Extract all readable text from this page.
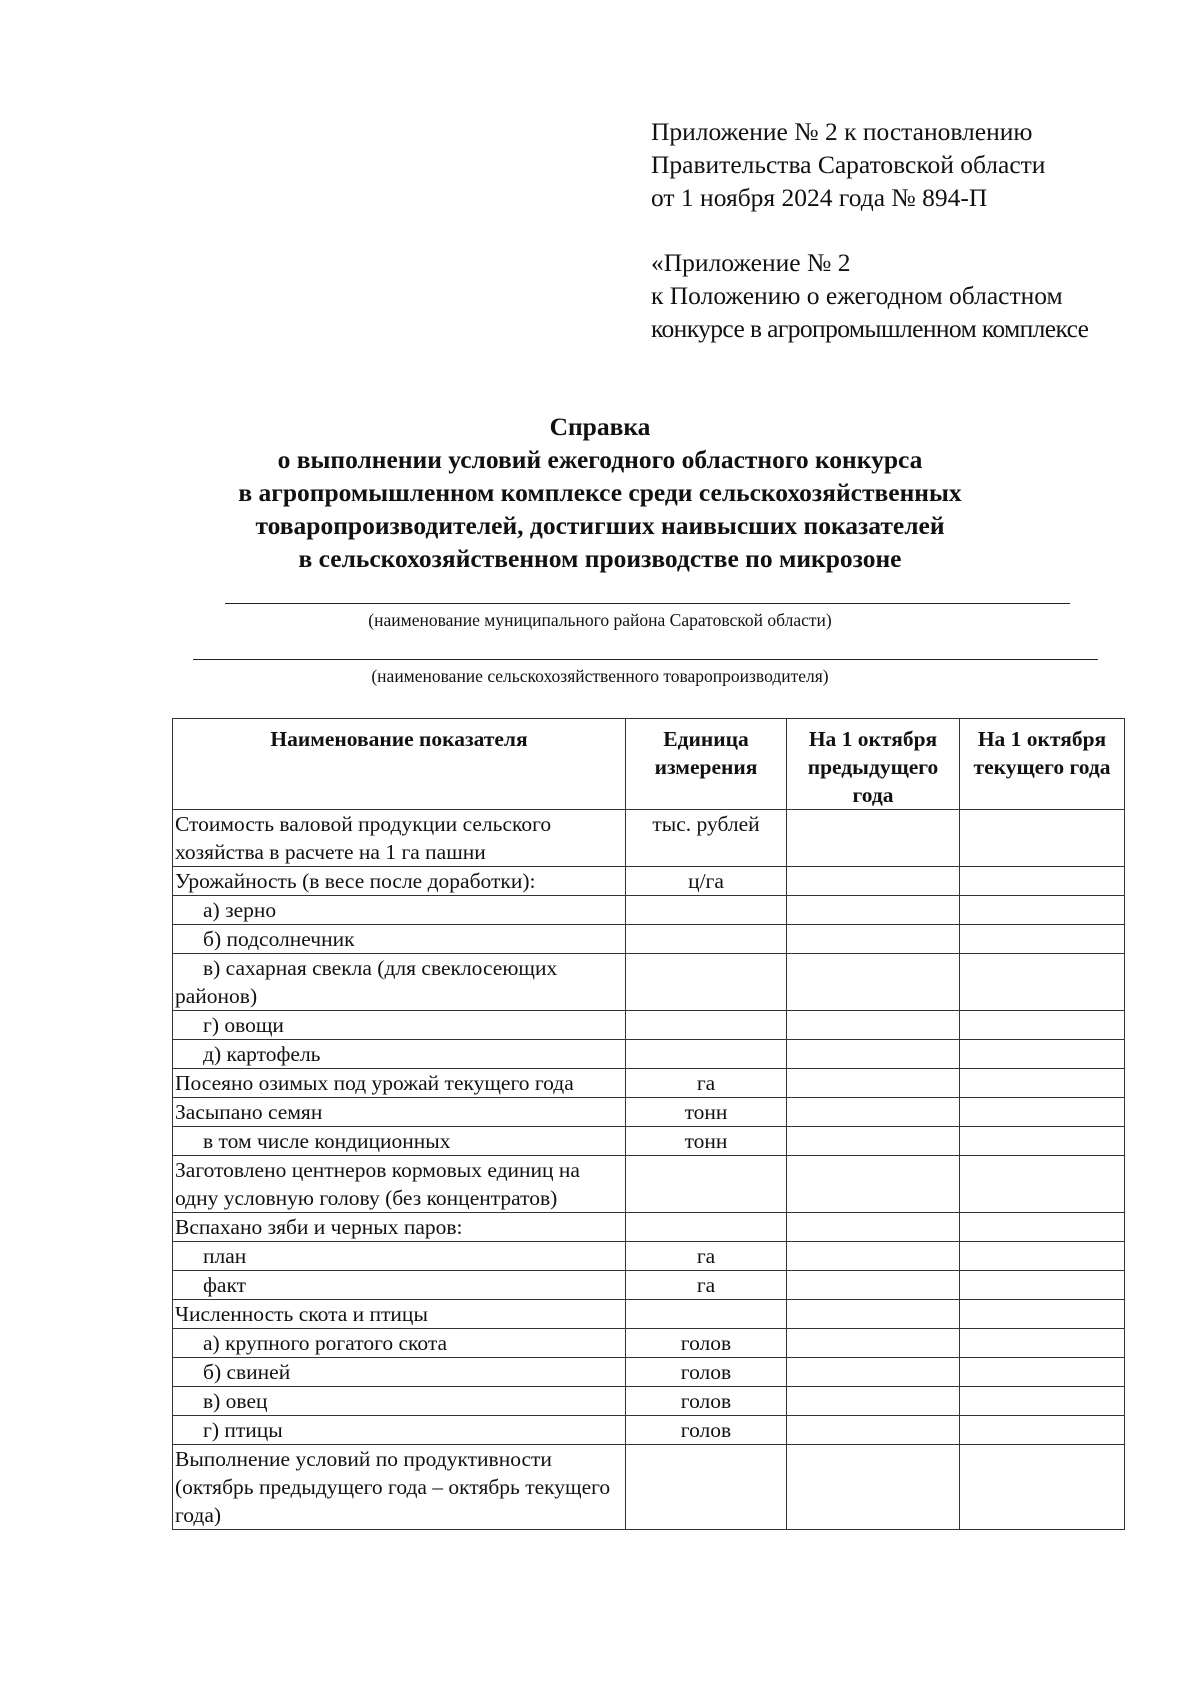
Приложение № 2 к постановлению
Правительства Саратовской области
от 1 ноября 2024 года № 894-П
«Приложение № 2
к Положению о ежегодном областном
конкурсе в агропромышленном комплексе
Справка
о выполнении условий ежегодного областного конкурса
в агропромышленном комплексе среди сельскохозяйственных
товаропроизводителей, достигших наивысших показателей
в сельскохозяйственном производстве по микрозоне
(наименование муниципального района Саратовской области)
(наименование сельскохозяйственного товаропроизводителя)
Наименование показателя	Единица измерения	На 1 октября предыдущего года	На 1 октября текущего года
Стоимость валовой продукции сельского хозяйства в расчете на 1 га пашни	тыс. рублей		
Урожайность (в весе после доработки):	ц/га		
а) зерно			
б) подсолнечник			
в) сахарная свекла (для свеклосеющих районов)			
г) овощи			
д) картофель			
Посеяно озимых под урожай текущего года	га		
Засыпано семян	тонн		
в том числе кондиционных	тонн		
Заготовлено центнеров кормовых единиц на одну условную голову (без концентратов)			
Вспахано зяби и черных паров:			
план	га		
факт	га		
Численность скота и птицы			
а) крупного рогатого скота	голов		
б) свиней	голов		
в) овец	голов		
г) птицы	голов		
Выполнение условий по продуктивности (октябрь предыдущего года – октябрь текущего года)			
